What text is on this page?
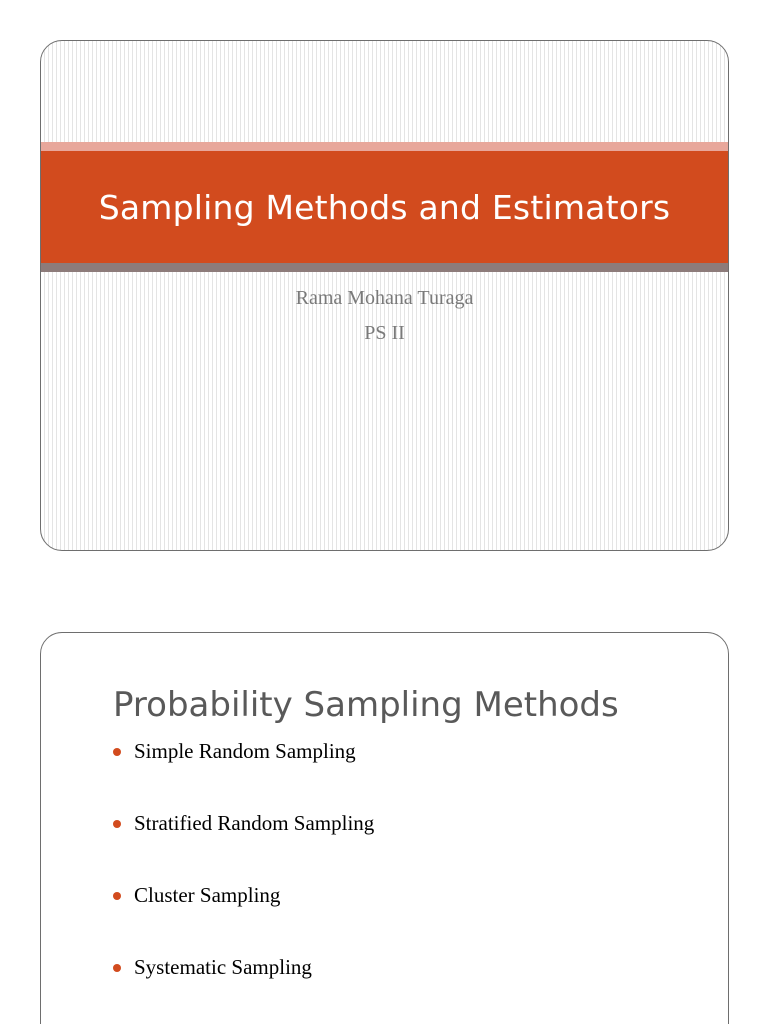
Sampling Methods and Estimators

Rama Mohana Turaga

PS II

Probability Sampling Methods
Simple Random Sampling
Stratified Random Sampling
Cluster Sampling
Systematic Sampling
